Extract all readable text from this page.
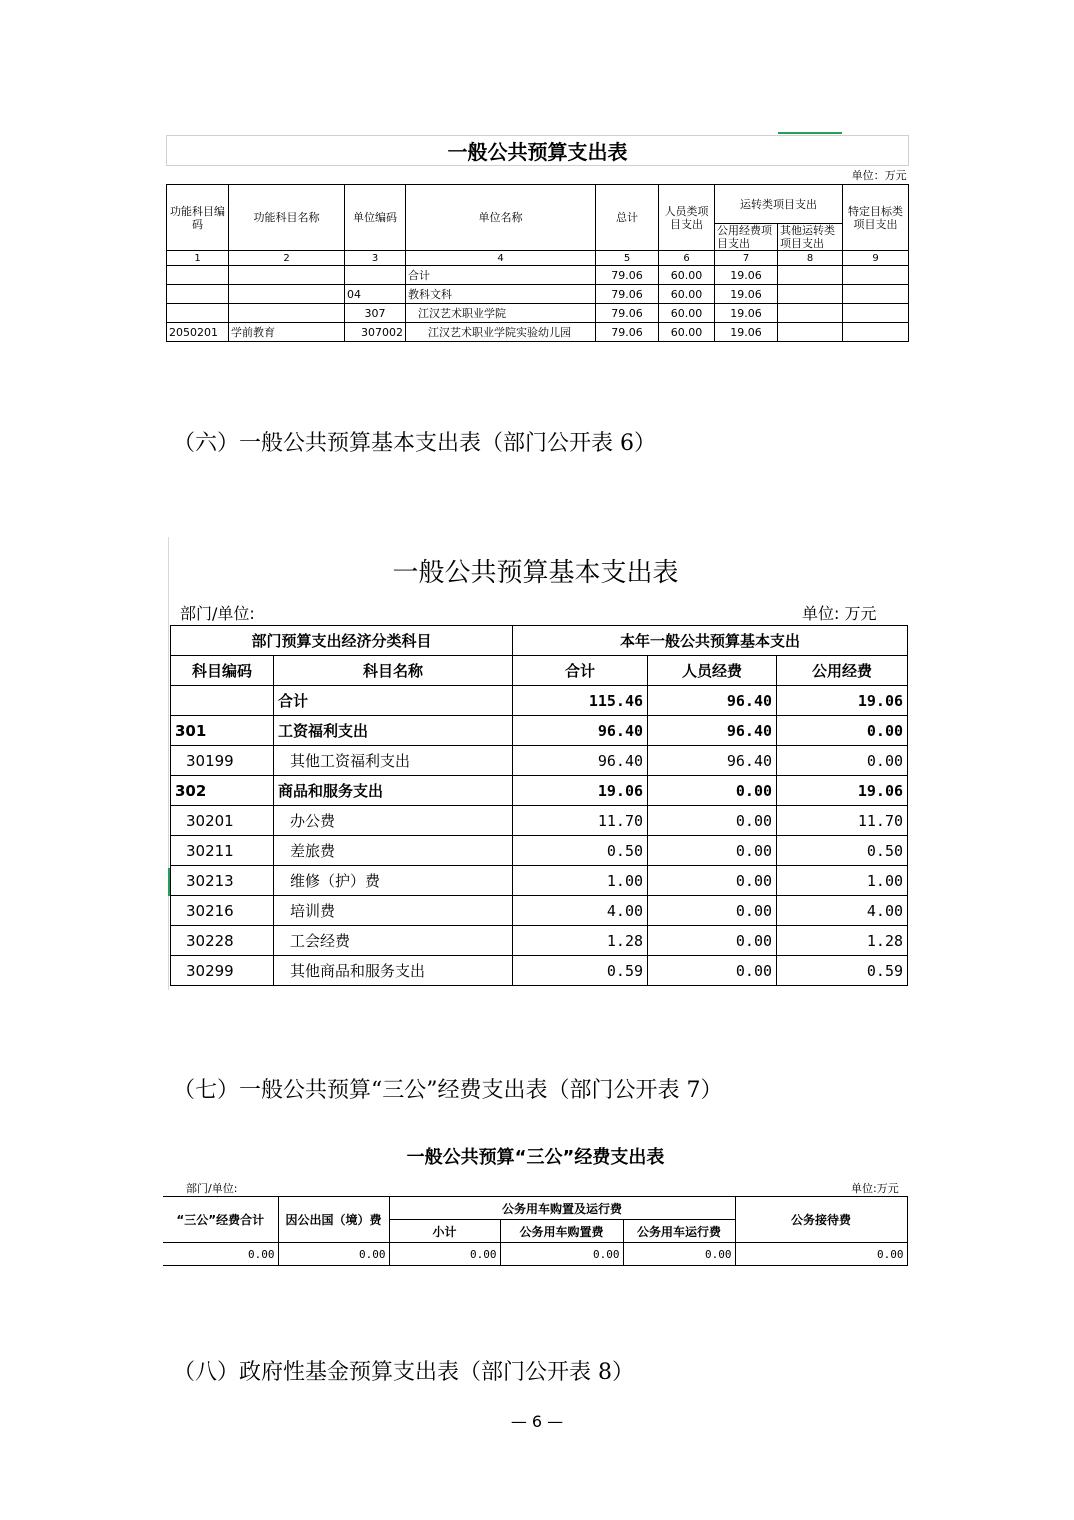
一般公共预算支出表								
							单位：万元	
功能科目编码	功能科目名称	单位编码	单位名称	总计	人员类项目支出	运转类项目支出		特定目标类项目支出
						公用经费项目支出	其他运转类项目支出	
1	2	3	4	5	6	7	8	9
			合计	79.06	60.00	19.06		
		04	教科文科	79.06	60.00	19.06		
		307	江汉艺术职业学院	79.06	60.00	19.06		
2050201	学前教育	307002	江汉艺术职业学院实验幼儿园	79.06	60.00	19.06		
（六）一般公共预算基本支出表（部门公开表 6）
一般公共预算基本支出表
部门/单位:	单位: 万元
部门预算支出经济分类科目		本年一般公共预算基本支出		
科目编码	科目名称	合计	人员经费	公用经费
	合计	115.46	96.40	19.06
301	工资福利支出	96.40	96.40	0.00
30199	其他工资福利支出	96.40	96.40	0.00
302	商品和服务支出	19.06	0.00	19.06
30201	办公费	11.70	0.00	11.70
30211	差旅费	0.50	0.00	0.50
30213	维修（护）费	1.00	0.00	1.00
30216	培训费	4.00	0.00	4.00
30228	工会经费	1.28	0.00	1.28
30299	其他商品和服务支出	0.59	0.00	0.59
（七）一般公共预算“三公”经费支出表（部门公开表 7）
一般公共预算“三公”经费支出表
部门/单位:	单位:万元
“三公”经费合计	因公出国（境）费	公务用车购置及运行费			公务接待费
		小计	公务用车购置费	公务用车运行费	
0.00	0.00	0.00	0.00	0.00	0.00
（八）政府性基金预算支出表（部门公开表 8）
— 6 —
